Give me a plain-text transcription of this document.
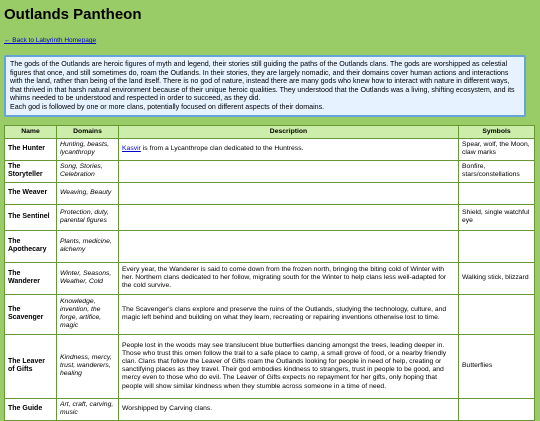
Outlands Pantheon
← Back to Labyrinth Homepage

The gods of the Outlands are heroic figures of myth and legend, their stories still guiding the paths of the Outlands clans. The gods are worshipped as celestial figures that once, and still sometimes do, roam the Outlands. In their stories, they are largely nomadic, and their domains cover human actions and interactions with the land, rather than being of the land itself. There is no god of nature, instead there are many gods who knew how to interact with nature in different ways, that thrived in that harsh natural environment because of their unique heroic qualities. They understood that the Outlands was a living, shifting ecosystem, and its whims needed to be understood and respected in order to succeed, as they did.

Each god is followed by one or more clans, potentially focused on different aspects of their domains.

Name	Domains	Description	Symbols
The Hunter	Hunting, beasts, lycanthropy	Kasvir is from a Lycanthrope clan dedicated to the Huntress.	Spear, wolf, the Moon, claw marks
The Storyteller	Song, Stories, Celebration		Bonfire, stars/constellations
The Weaver	Weaving, Beauty		
The Sentinel	Protection, duty, parental figures		Shield, single watchful eye
The Apothecary	Plants, medicine, alchemy		
The Wanderer	Winter, Seasons, Weather, Cold	Every year, the Wanderer is said to come down from the frozen north, bringing the biting cold of Winter with her. Northern clans dedicated to her follow, migrating south for the Winter to help clans less well-adapted for the cold survive.	Walking stick, blizzard
The Scavenger	Knowledge, invention, the forge, artifice, magic	The Scavenger's clans explore and preserve the ruins of the Outlands, studying the technology, culture, and magic left behind and building on what they learn, recreating or repairing inventions otherwise lost to time.	
The Leaver of Gifts	Kindness, mercy, trust, wanderers, healing	People lost in the woods may see translucent blue butterflies dancing amongst the trees, leading deeper in. Those who trust this omen follow the trail to a safe place to camp, a small grove of food, or a nearby friendly clan. Clans that follow the Leaver of Gifts roam the Outlands looking for people in need of help, creating or sanctifying places as they travel. Their god embodies kindness to strangers, trust in people to be good, and mercy even to those who do evil. The Leaver of Gifts expects no repayment for her gifts, only hoping that people will show similar kindness when they stumble across someone in a time of need.	Butterflies
The Guide	Art, craft, carving, music	Worshipped by Carving clans.	
